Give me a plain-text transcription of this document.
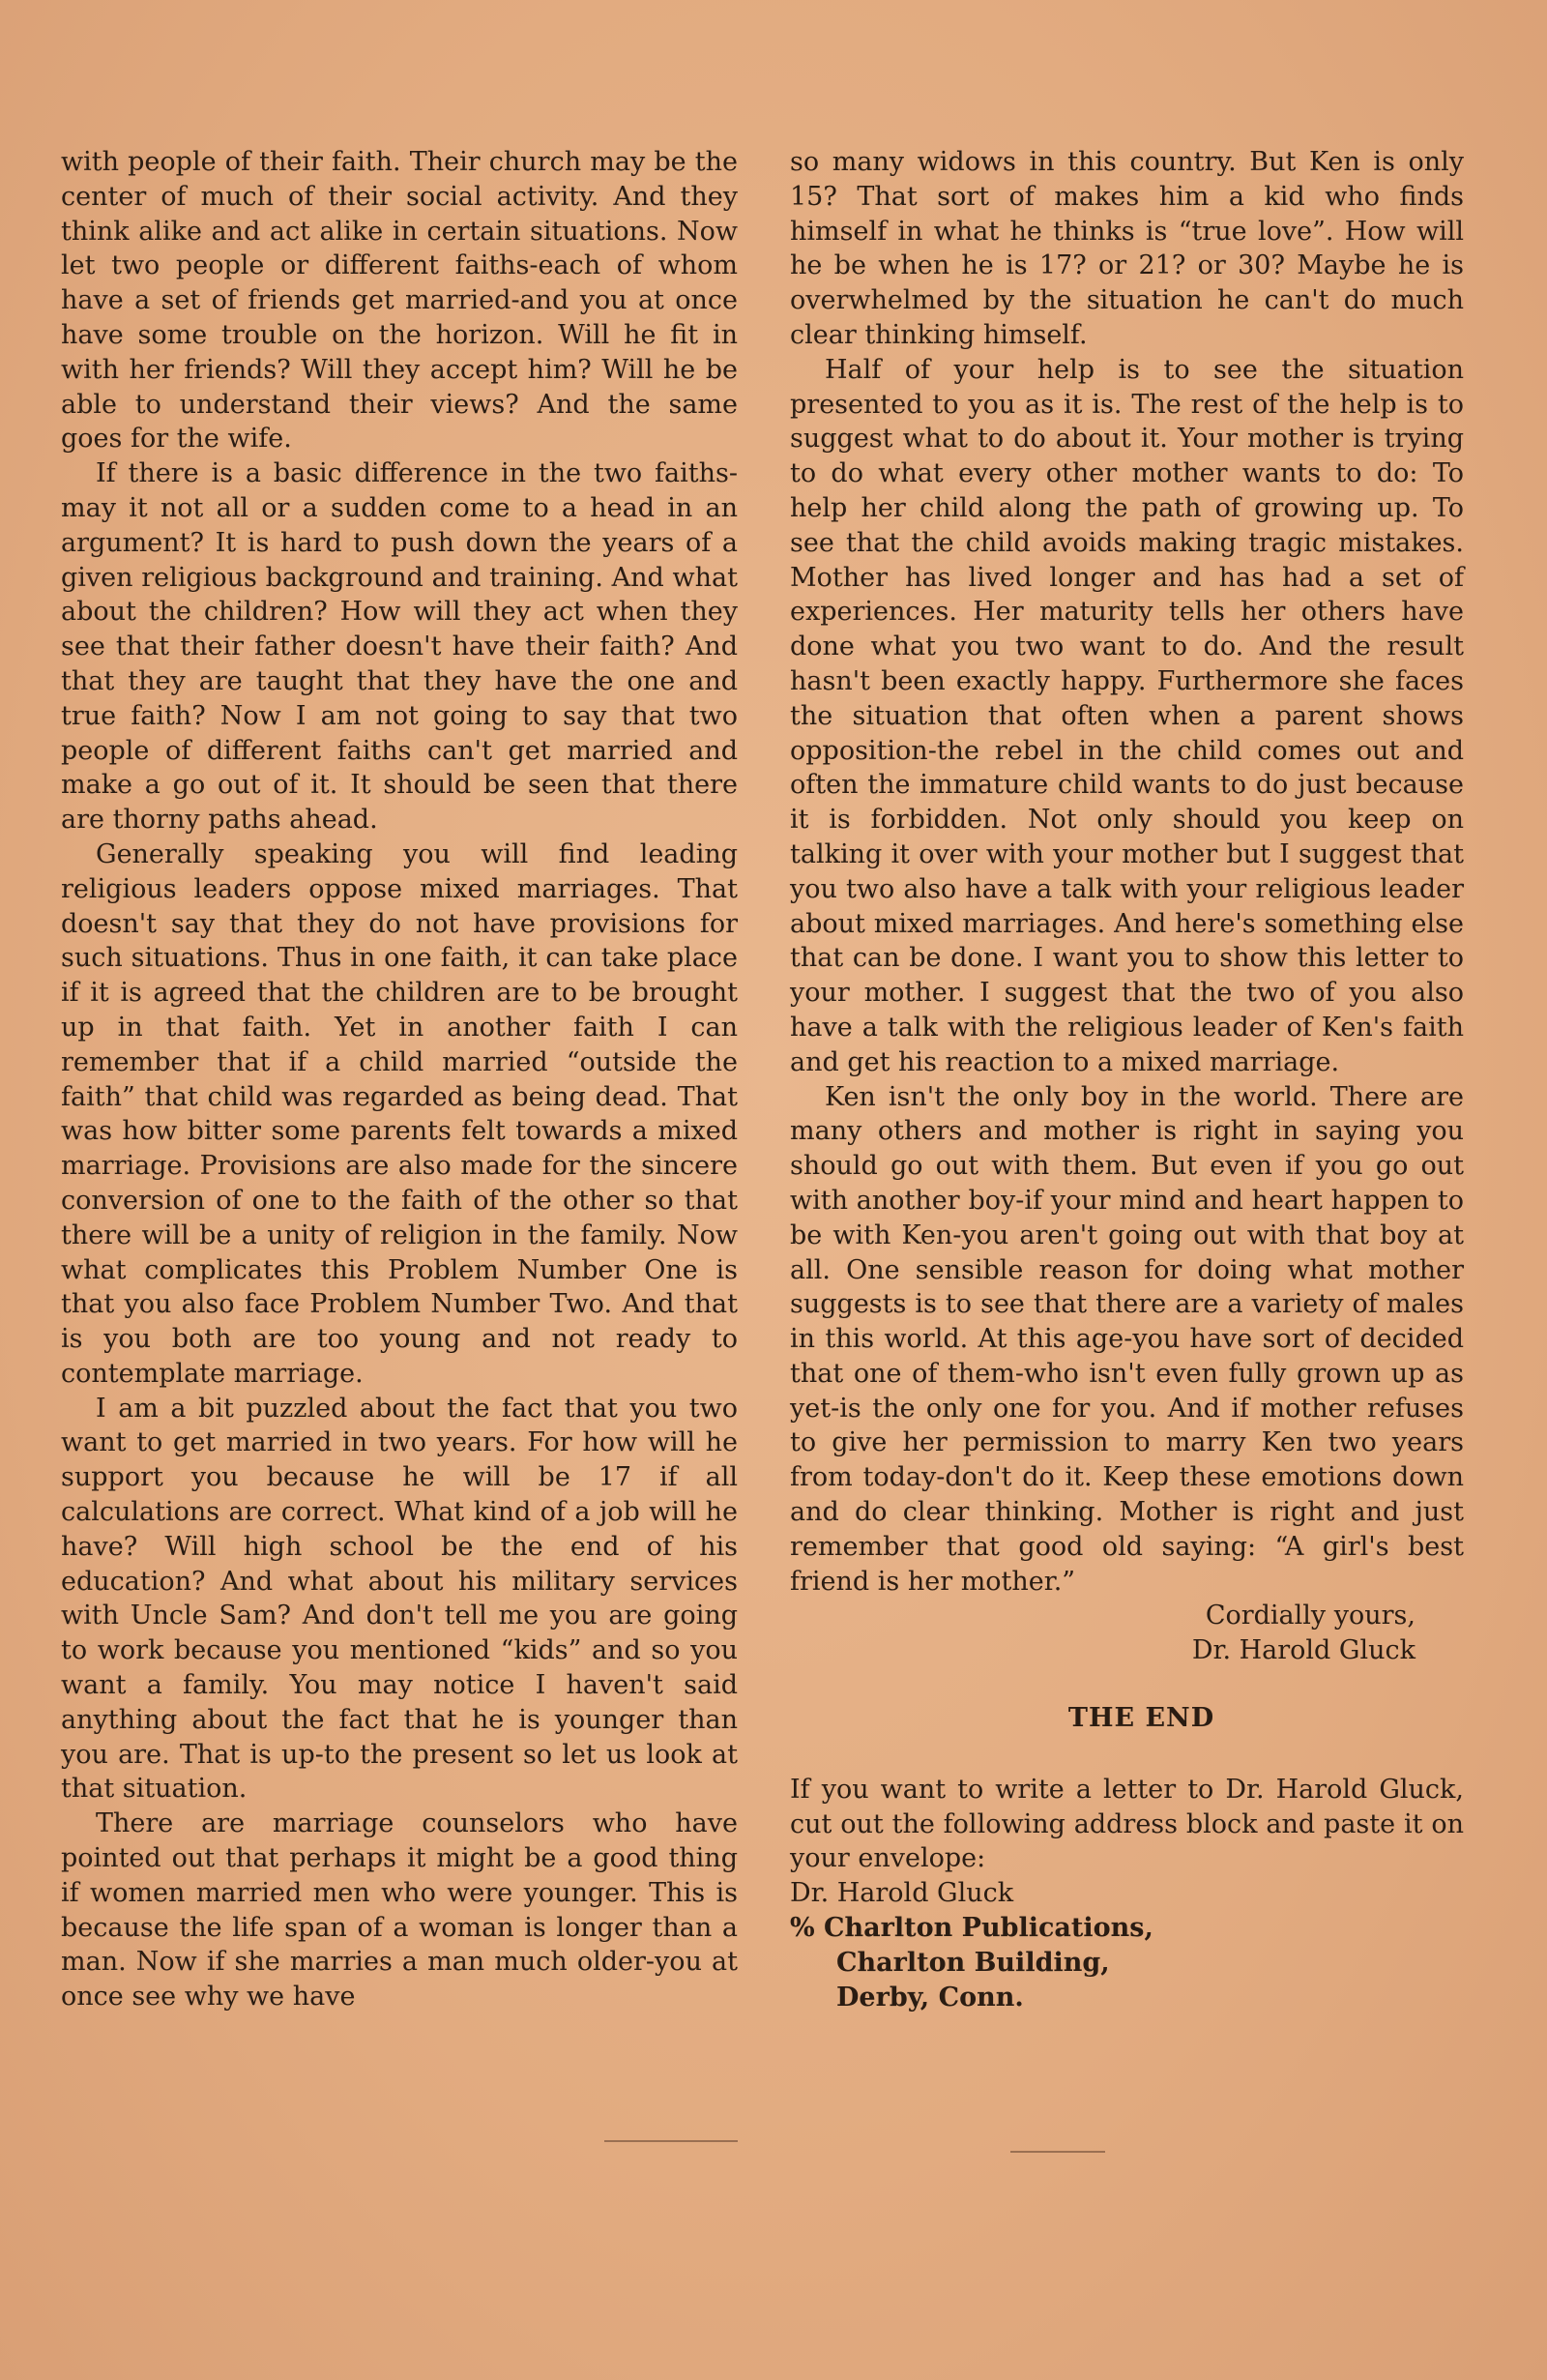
with people of their faith. Their church may be the center of much of their social activity. And they think alike and act alike in certain situations. Now let two people or different faiths-each of whom have a set of friends get married-and you at once have some trouble on the horizon. Will he fit in with her friends? Will they accept him? Will he be able to understand their views? And the same goes for the wife.

If there is a basic difference in the two faiths-may it not all or a sudden come to a head in an argument? It is hard to push down the years of a given religious background and training. And what about the children? How will they act when they see that their father doesn't have their faith? And that they are taught that they have the one and true faith? Now I am not going to say that two people of different faiths can't get married and make a go out of it. It should be seen that there are thorny paths ahead.

Generally speaking you will find leading religious leaders oppose mixed marriages. That doesn't say that they do not have provisions for such situations. Thus in one faith, it can take place if it is agreed that the children are to be brought up in that faith. Yet in another faith I can remember that if a child married “outside the faith” that child was regarded as being dead. That was how bitter some parents felt towards a mixed marriage. Provisions are also made for the sincere conversion of one to the faith of the other so that there will be a unity of religion in the family. Now what complicates this Problem Number One is that you also face Problem Number Two. And that is you both are too young and not ready to contemplate marriage.

I am a bit puzzled about the fact that you two want to get married in two years. For how will he support you because he will be 17 if all calculations are correct. What kind of a job will he have? Will high school be the end of his education? And what about his military services with Uncle Sam? And don't tell me you are going to work because you mentioned “kids” and so you want a family. You may notice I haven't said anything about the fact that he is younger than you are. That is up-to the present so let us look at that situation.

There are marriage counselors who have pointed out that perhaps it might be a good thing if women married men who were younger. This is because the life span of a woman is longer than a man. Now if she marries a man much older-you at once see why we have

so many widows in this country. But Ken is only 15? That sort of makes him a kid who finds himself in what he thinks is “true love”. How will he be when he is 17? or 21? or 30? Maybe he is overwhelmed by the situation he can't do much clear thinking himself.

Half of your help is to see the situation presented to you as it is. The rest of the help is to suggest what to do about it. Your mother is trying to do what every other mother wants to do: To help her child along the path of growing up. To see that the child avoids making tragic mistakes. Mother has lived longer and has had a set of experiences. Her maturity tells her others have done what you two want to do. And the result hasn't been exactly happy. Furthermore she faces the situation that often when a parent shows opposition-the rebel in the child comes out and often the immature child wants to do just because it is forbidden. Not only should you keep on talking it over with your mother but I suggest that you two also have a talk with your religious leader about mixed marriages. And here's something else that can be done. I want you to show this letter to your mother. I suggest that the two of you also have a talk with the religious leader of Ken's faith and get his reaction to a mixed marriage.

Ken isn't the only boy in the world. There are many others and mother is right in saying you should go out with them. But even if you go out with another boy-if your mind and heart happen to be with Ken-you aren't going out with that boy at all. One sensible reason for doing what mother suggests is to see that there are a variety of males in this world. At this age-you have sort of decided that one of them-who isn't even fully grown up as yet-is the only one for you. And if mother refuses to give her permission to marry Ken two years from today-don't do it. Keep these emotions down and do clear thinking. Mother is right and just remember that good old saying: “A girl's best friend is her mother.”

Cordially yours,

Dr. Harold Gluck

THE END

If you want to write a letter to Dr. Harold Gluck, cut out the following address block and paste it on your envelope:

Dr. Harold Gluck

% Charlton Publications,

Charlton Building,

Derby, Conn.
